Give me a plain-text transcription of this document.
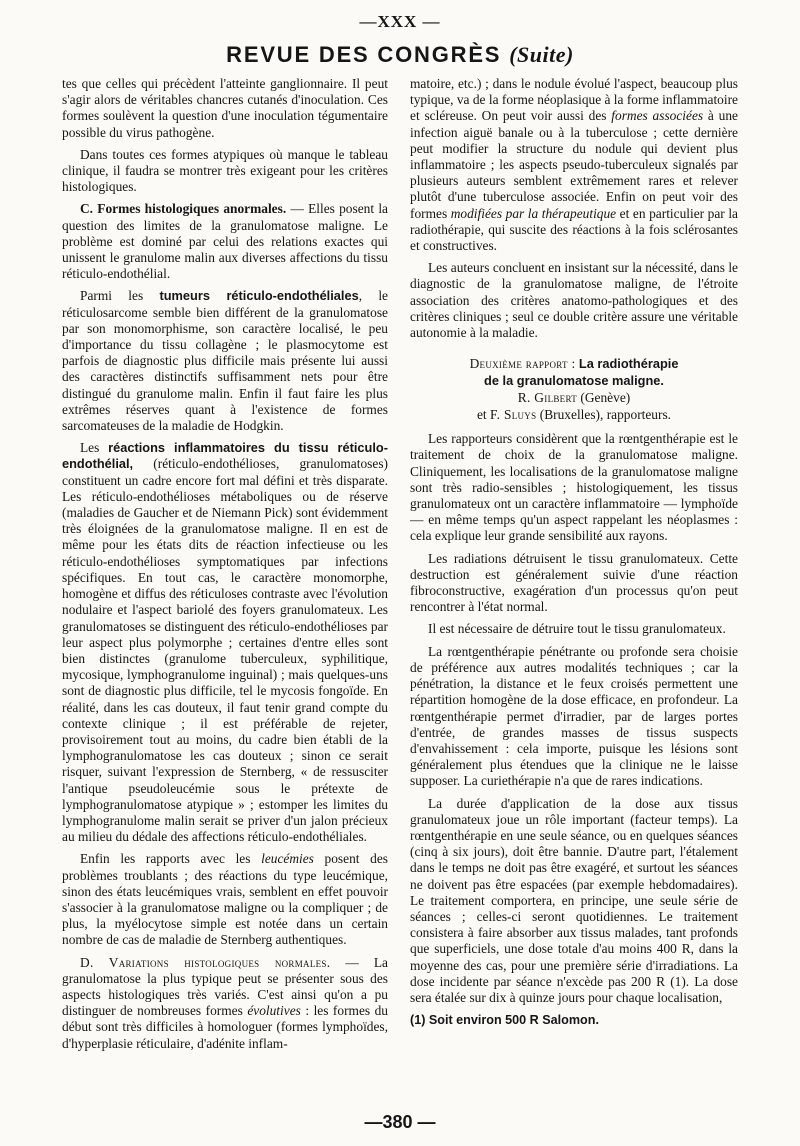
— XXX —
REVUE DES CONGRÈS (Suite)

tes que celles qui précèdent l'atteinte ganglionnaire. Il peut s'agir alors de véritables chancres cutanés d'inoculation. Ces formes soulèvent la question d'une inoculation tégumentaire possible du virus pathogène.

Dans toutes ces formes atypiques où manque le tableau clinique, il faudra se montrer très exigeant pour les critères histologiques.

C. Formes histologiques anormales. — Elles posent la question des limites de la granulomatose maligne. Le problème est dominé par celui des relations exactes qui unissent le granulome malin aux diverses affections du tissu réticulo-endothélial.

Parmi les tumeurs réticulo-endothéliales, le réticulosarcome semble bien différent de la granulomatose par son monomorphisme, son caractère localisé, le peu d'importance du tissu collagène ; le plasmocytome est parfois de diagnostic plus difficile mais présente lui aussi des caractères distinctifs suffisamment nets pour être distingué du granulome malin. Enfin il faut faire les plus extrêmes réserves quant à l'existence de formes sarcomateuses de la maladie de Hodgkin.

Les réactions inflammatoires du tissu réticulo-endothélial, (réticulo-endothélioses, granulomatoses) constituent un cadre encore fort mal défini et très disparate. Les réticulo-endothélioses métaboliques ou de réserve (maladies de Gaucher et de Niemann Pick) sont évidemment très éloignées de la granulomatose maligne. Il en est de même pour les états dits de réaction infectieuse ou les réticulo-endothélioses symptomatiques par infections spécifiques. En tout cas, le caractère monomorphe, homogène et diffus des réticuloses contraste avec l'évolution nodulaire et l'aspect bariolé des foyers granulomateux. Les granulomatoses se distinguent des réticulo-endothélioses par leur aspect plus polymorphe ; certaines d'entre elles sont bien distinctes (granulome tuberculeux, syphilitique, mycosique, lymphogranulome inguinal) ; mais quelques-uns sont de diagnostic plus difficile, tel le mycosis fongoïde. En réalité, dans les cas douteux, il faut tenir grand compte du contexte clinique ; il est préférable de rejeter, provisoirement tout au moins, du cadre bien établi de la lymphogranulomatose les cas douteux ; sinon ce serait risquer, suivant l'expression de Sternberg, « de ressusciter l'antique pseudoleucémie sous le prétexte de lymphogranulomatose atypique » ; estomper les limites du lymphogranulome malin serait se priver d'un jalon précieux au milieu du dédale des affections réticulo-endothéliales.

Enfin les rapports avec les leucémies posent des problèmes troublants ; des réactions du type leucémique, sinon des états leucémiques vrais, semblent en effet pouvoir s'associer à la granulomatose maligne ou la compliquer ; de plus, la myélocytose simple est notée dans un certain nombre de cas de maladie de Sternberg authentiques.

D. Variations histologiques normales. — La granulomatose la plus typique peut se présenter sous des aspects histologiques très variés. C'est ainsi qu'on a pu distinguer de nombreuses formes évolutives : les formes du début sont très difficiles à homologuer (formes lymphoïdes, d'hyperplasie réticulaire, d'adénite inflam-

matoire, etc.) ; dans le nodule évolué l'aspect, beaucoup plus typique, va de la forme néoplasique à la forme inflammatoire et scléreuse. On peut voir aussi des formes associées à une infection aiguë banale ou à la tuberculose ; cette dernière peut modifier la structure du nodule qui devient plus inflammatoire ; les aspects pseudo-tuberculeux signalés par plusieurs auteurs semblent extrêmement rares et relever plutôt d'une tuberculose associée. Enfin on peut voir des formes modifiées par la thérapeutique et en particulier par la radiothérapie, qui suscite des réactions à la fois sclérosantes et constructives.

Les auteurs concluent en insistant sur la nécessité, dans le diagnostic de la granulomatose maligne, de l'étroite association des critères anatomo-pathologiques et des critères cliniques ; seul ce double critère assure une véritable autonomie à la maladie.

Deuxième rapport : La radiothérapie
de la granulomatose maligne.
R. Gilbert (Genève)
et F. Sluys (Bruxelles), rapporteurs.

Les rapporteurs considèrent que la rœntgenthérapie est le traitement de choix de la granulomatose maligne. Cliniquement, les localisations de la granulomatose maligne sont très radio-sensibles ; histologiquement, les tissus granulomateux ont un caractère inflammatoire — lymphoïde — en même temps qu'un aspect rappelant les néoplasmes : cela explique leur grande sensibilité aux rayons.

Les radiations détruisent le tissu granulomateux. Cette destruction est généralement suivie d'une réaction fibroconstructive, exagération d'un processus qu'on peut rencontrer à l'état normal.

Il est nécessaire de détruire tout le tissu granulomateux.

La rœntgenthérapie pénétrante ou profonde sera choisie de préférence aux autres modalités techniques ; car la pénétration, la distance et le feux croisés permettent une répartition homogène de la dose efficace, en profondeur. La rœntgenthérapie permet d'irradier, par de larges portes d'entrée, de grandes masses de tissus suspects d'envahissement : cela importe, puisque les lésions sont généralement plus étendues que la clinique ne le laisse supposer. La curiethérapie n'a que de rares indications.

La durée d'application de la dose aux tissus granulomateux joue un rôle important (facteur temps). La rœntgenthérapie en une seule séance, ou en quelques séances (cinq à six jours), doit être bannie. D'autre part, l'étalement dans le temps ne doit pas être exagéré, et surtout les séances ne doivent pas être espacées (par exemple hebdomadaires). Le traitement comportera, en principe, une seule série de séances ; celles-ci seront quotidiennes. Le traitement consistera à faire absorber aux tissus malades, tant profonds que superficiels, une dose totale d'au moins 400 R, dans la moyenne des cas, pour une première série d'irradiations. La dose incidente par séance n'excède pas 200 R (1). La dose sera étalée sur dix à quinze jours pour chaque localisation,

(1) Soit environ 500 R Salomon.

— 380 —
